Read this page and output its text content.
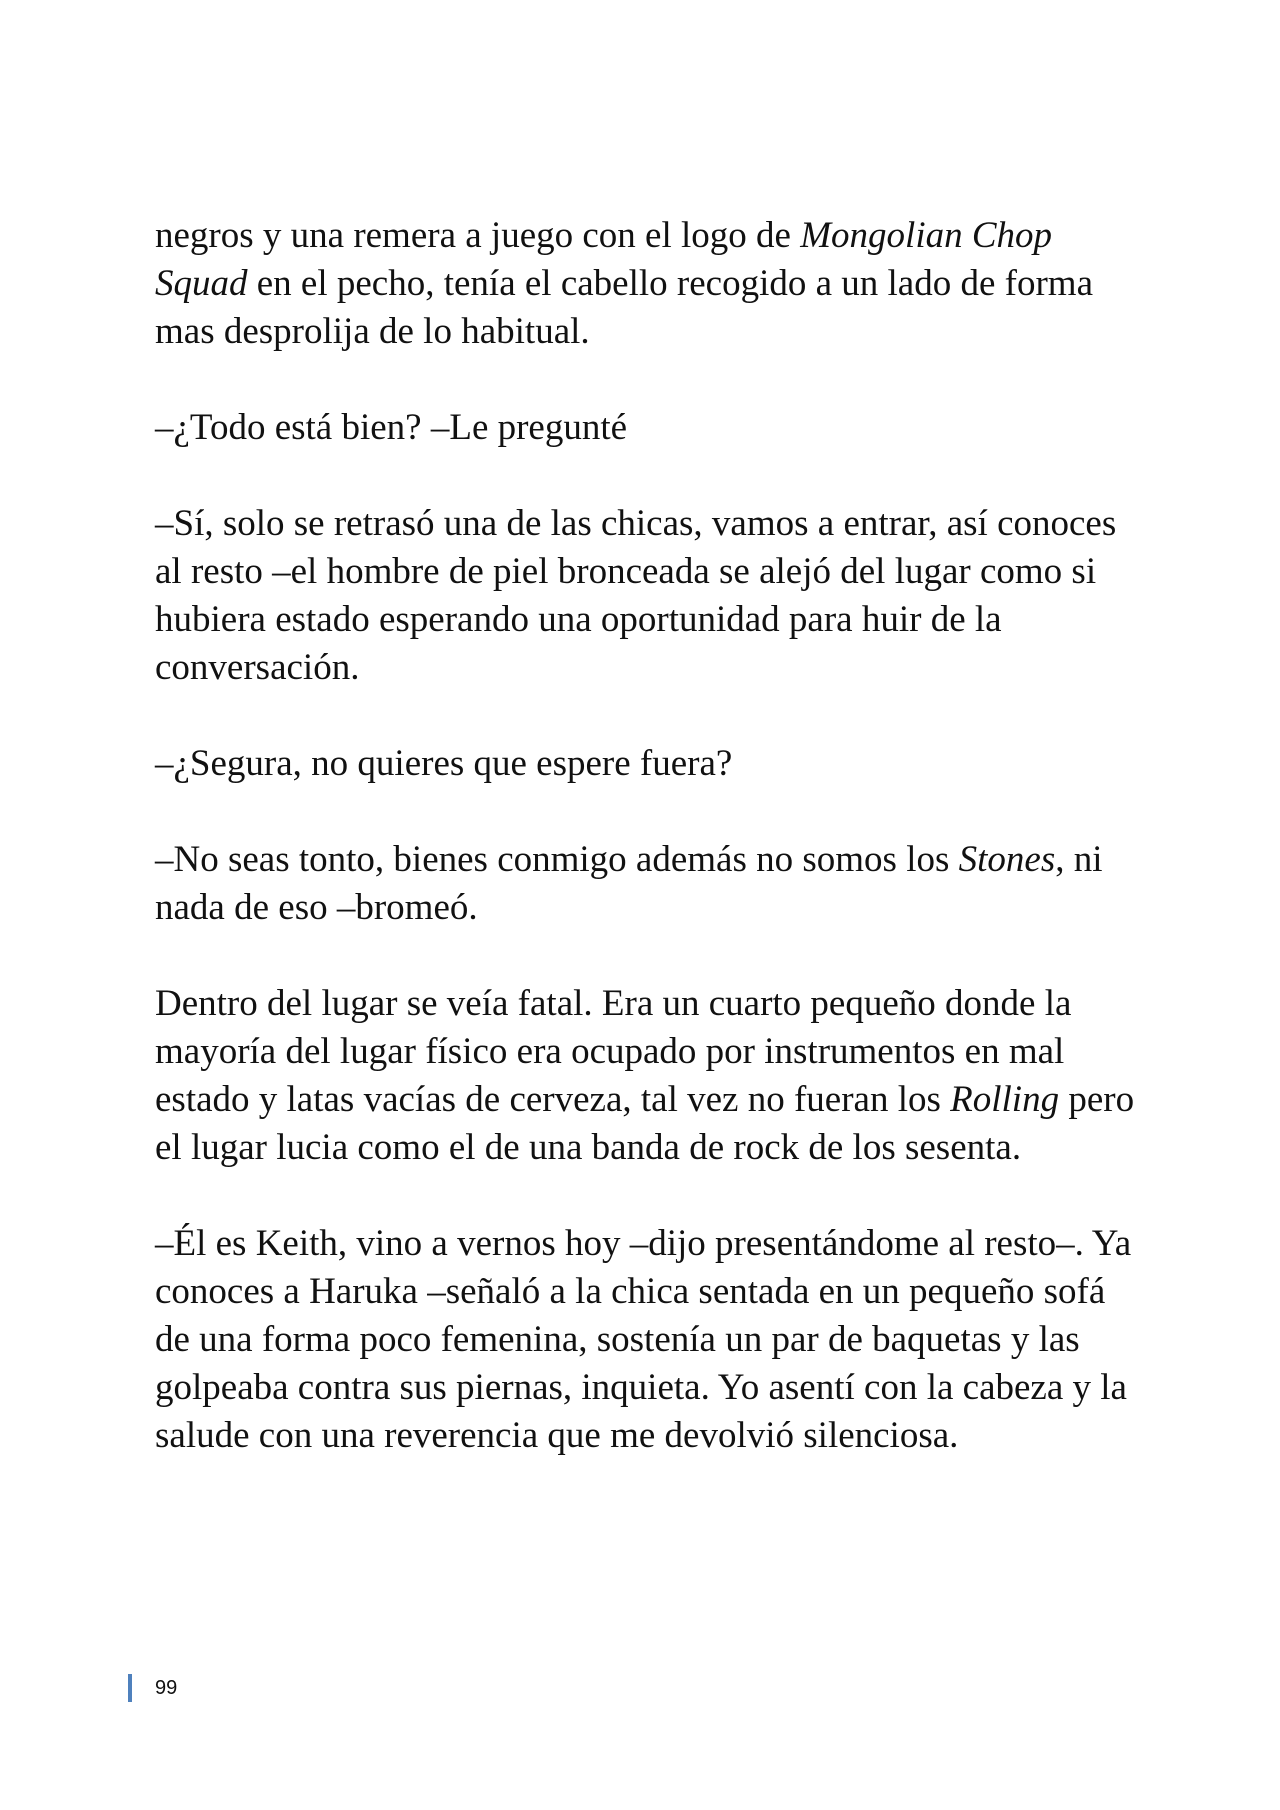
negros y una remera a juego con el logo de Mongolian Chop Squad en el pecho, tenía el cabello recogido a un lado de forma mas desprolija de lo habitual.

–¿Todo está bien? –Le pregunté

–Sí, solo se retrasó una de las chicas, vamos a entrar, así conoces al resto –el hombre de piel bronceada se alejó del lugar como si hubiera estado esperando una oportunidad para huir de la conversación.

–¿Segura, no quieres que espere fuera?

–No seas tonto, bienes conmigo además no somos los Stones, ni nada de eso –bromeó.

Dentro del lugar se veía fatal. Era un cuarto pequeño donde la mayoría del lugar físico era ocupado por instrumentos en mal estado y latas vacías de cerveza, tal vez no fueran los Rolling pero el lugar lucia como el de una banda de rock de los sesenta.

–Él es Keith, vino a vernos hoy –dijo presentándome al resto–. Ya conoces a Haruka –señaló a la chica sentada en un pequeño sofá de una forma poco femenina, sostenía un par de baquetas y las golpeaba contra sus piernas, inquieta. Yo asentí con la cabeza y la salude con una reverencia que me devolvió silenciosa.

99
